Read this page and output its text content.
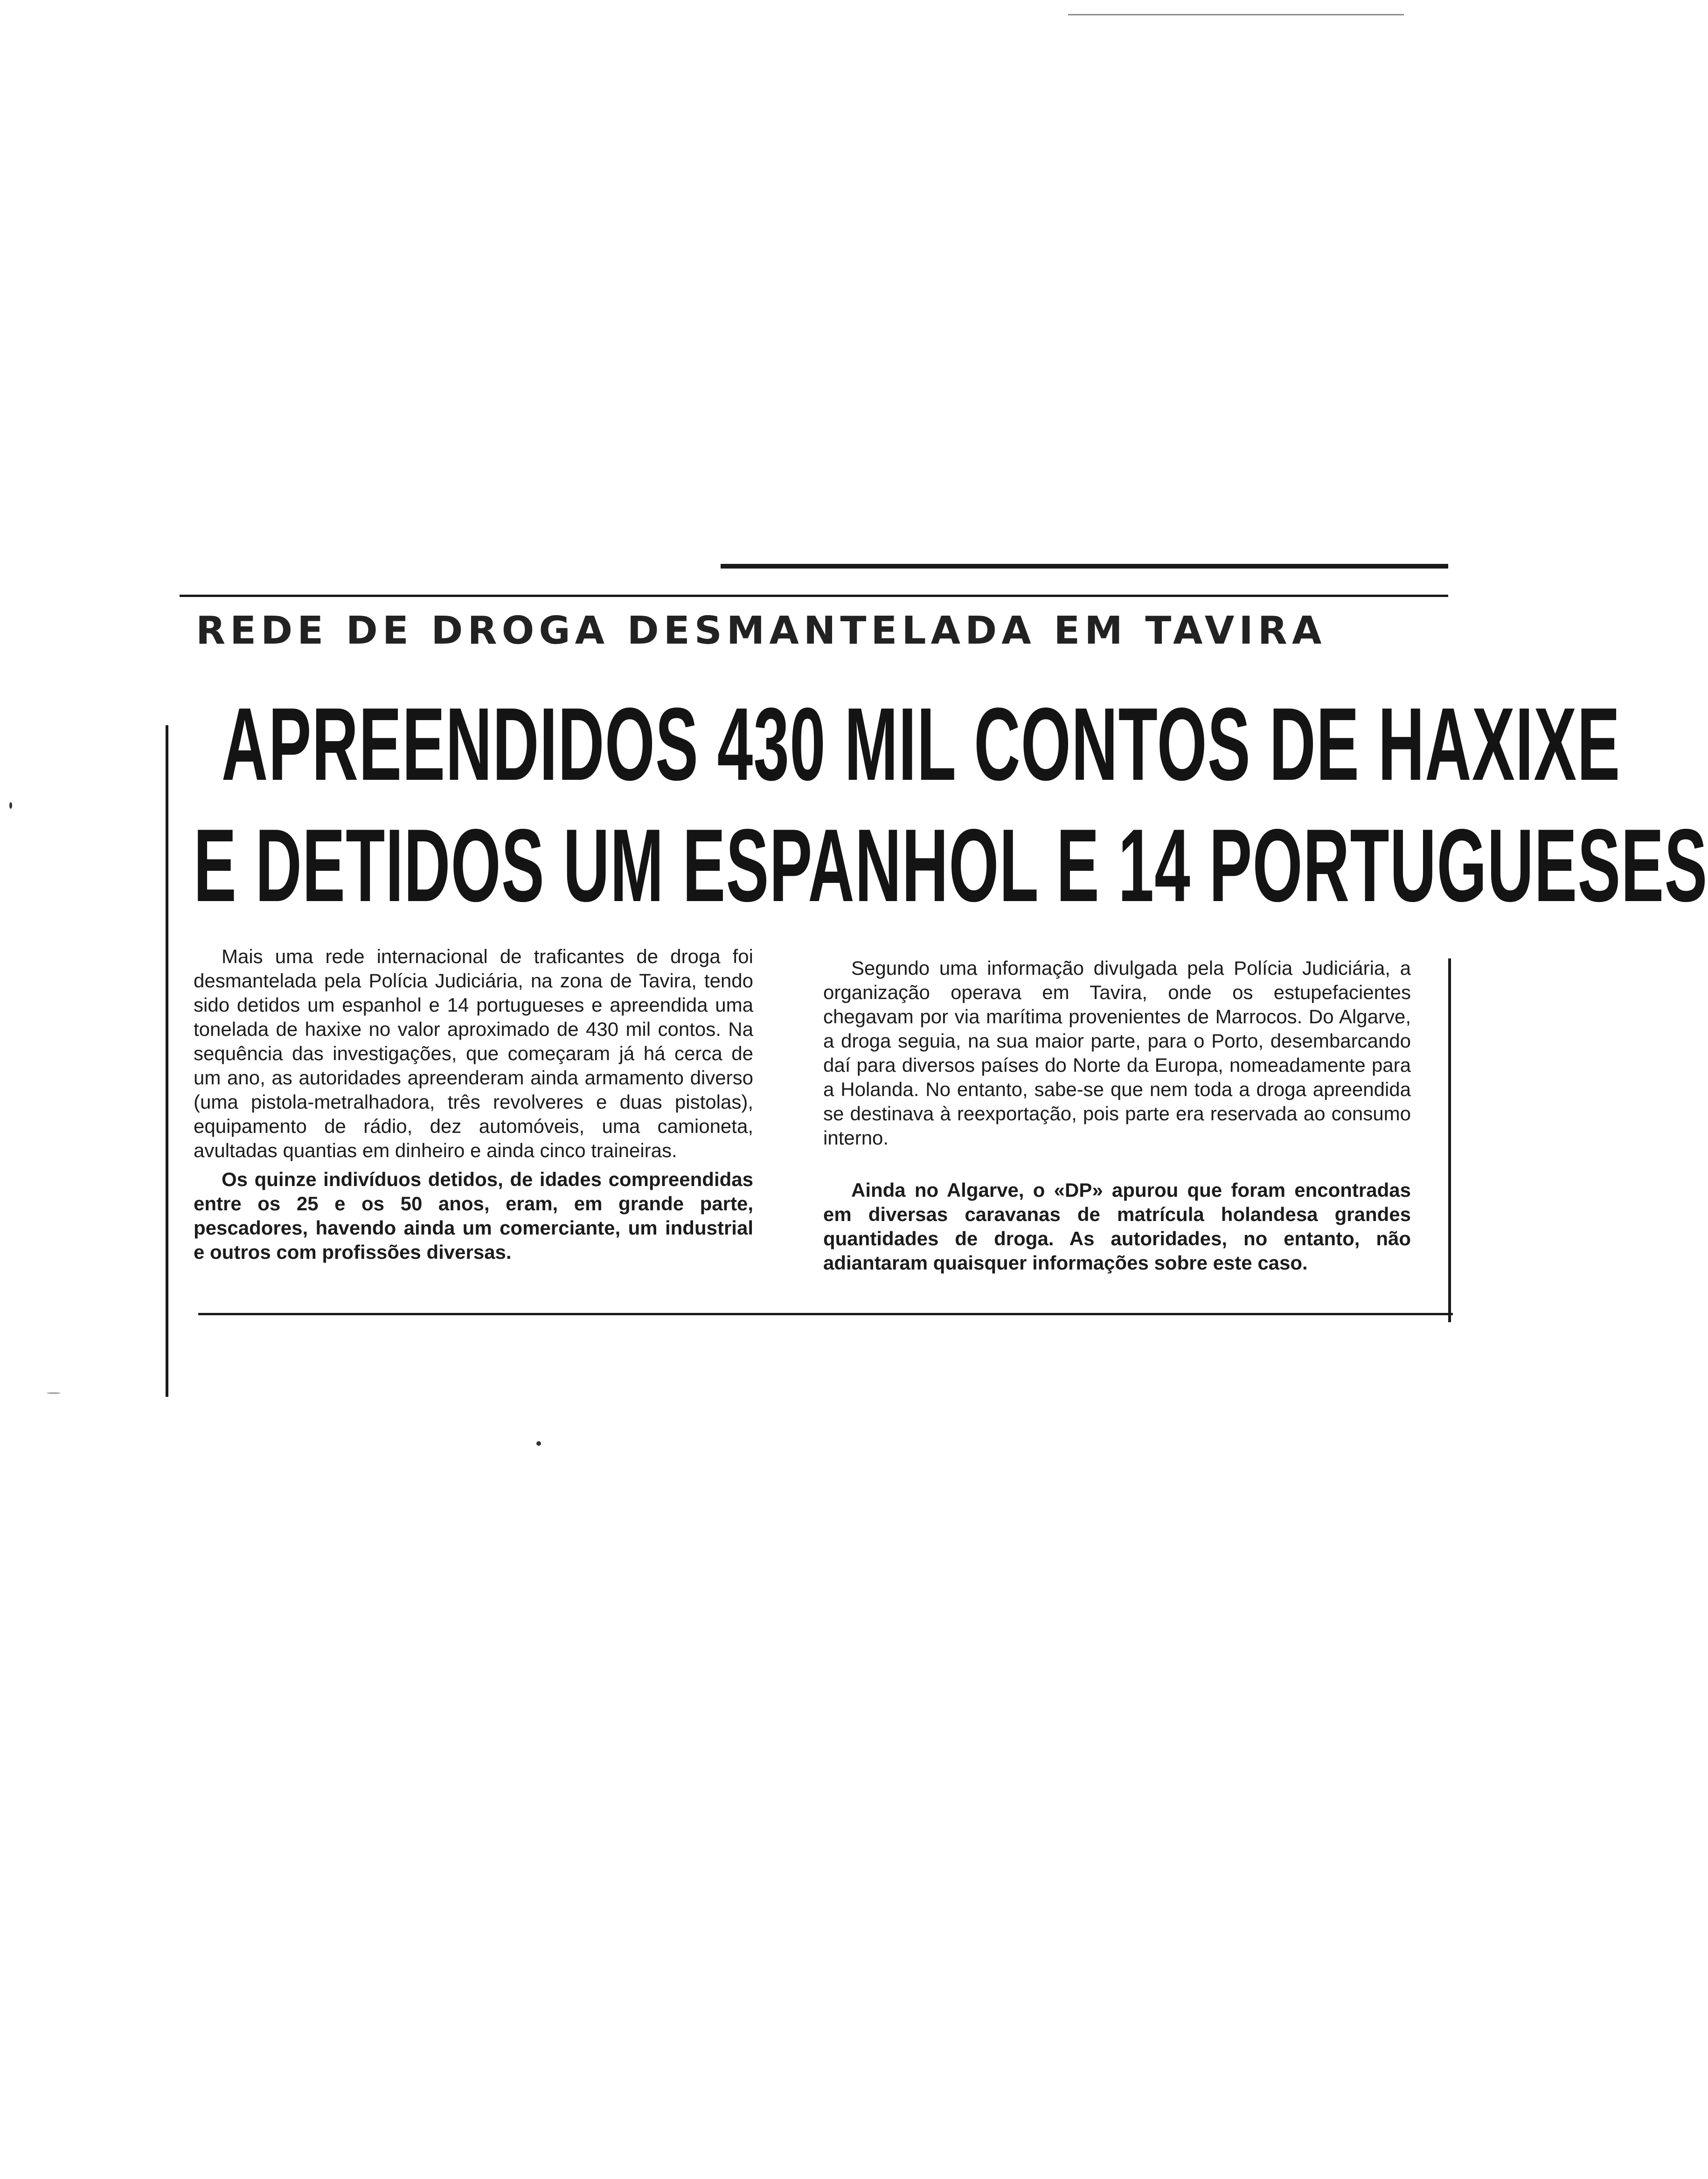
REDE DE DROGA DESMANTELADA EM TAVIRA
APREENDIDOS 430 MIL CONTOS DE HAXIXE
E DETIDOS UM ESPANHOL E 14 PORTUGUESES

Mais uma rede internacional de traficantes de droga foi desmantelada pela Polícia Judiciária, na zona de Tavira, tendo sido detidos um espanhol e 14 portugueses e apreendida uma tonelada de haxixe no valor aproximado de 430 mil contos. Na sequência das investigações, que começaram já há cerca de um ano, as autoridades apreenderam ainda armamento diverso (uma pistola-metralhadora, três revolveres e duas pistolas), equipamento de rádio, dez automóveis, uma camioneta, avultadas quantias em dinheiro e ainda cinco traineiras.

Os quinze indivíduos detidos, de idades compreendidas entre os 25 e os 50 anos, eram, em grande parte, pescadores, havendo ainda um comerciante, um industrial e outros com profissões diversas.

Segundo uma informação divulgada pela Polícia Judiciária, a organização operava em Tavira, onde os estupefacientes chegavam por via marítima provenientes de Marrocos. Do Algarve, a droga seguia, na sua maior parte, para o Porto, desembarcando daí para diversos países do Norte da Europa, nomeadamente para a Holanda. No entanto, sabe-se que nem toda a droga apreendida se destinava à reexportação, pois parte era reservada ao consumo interno.

Ainda no Algarve, o «DP» apurou que foram encontradas em diversas caravanas de matrícula holandesa grandes quantidades de droga. As autoridades, no entanto, não adiantaram quaisquer informações sobre este caso.
